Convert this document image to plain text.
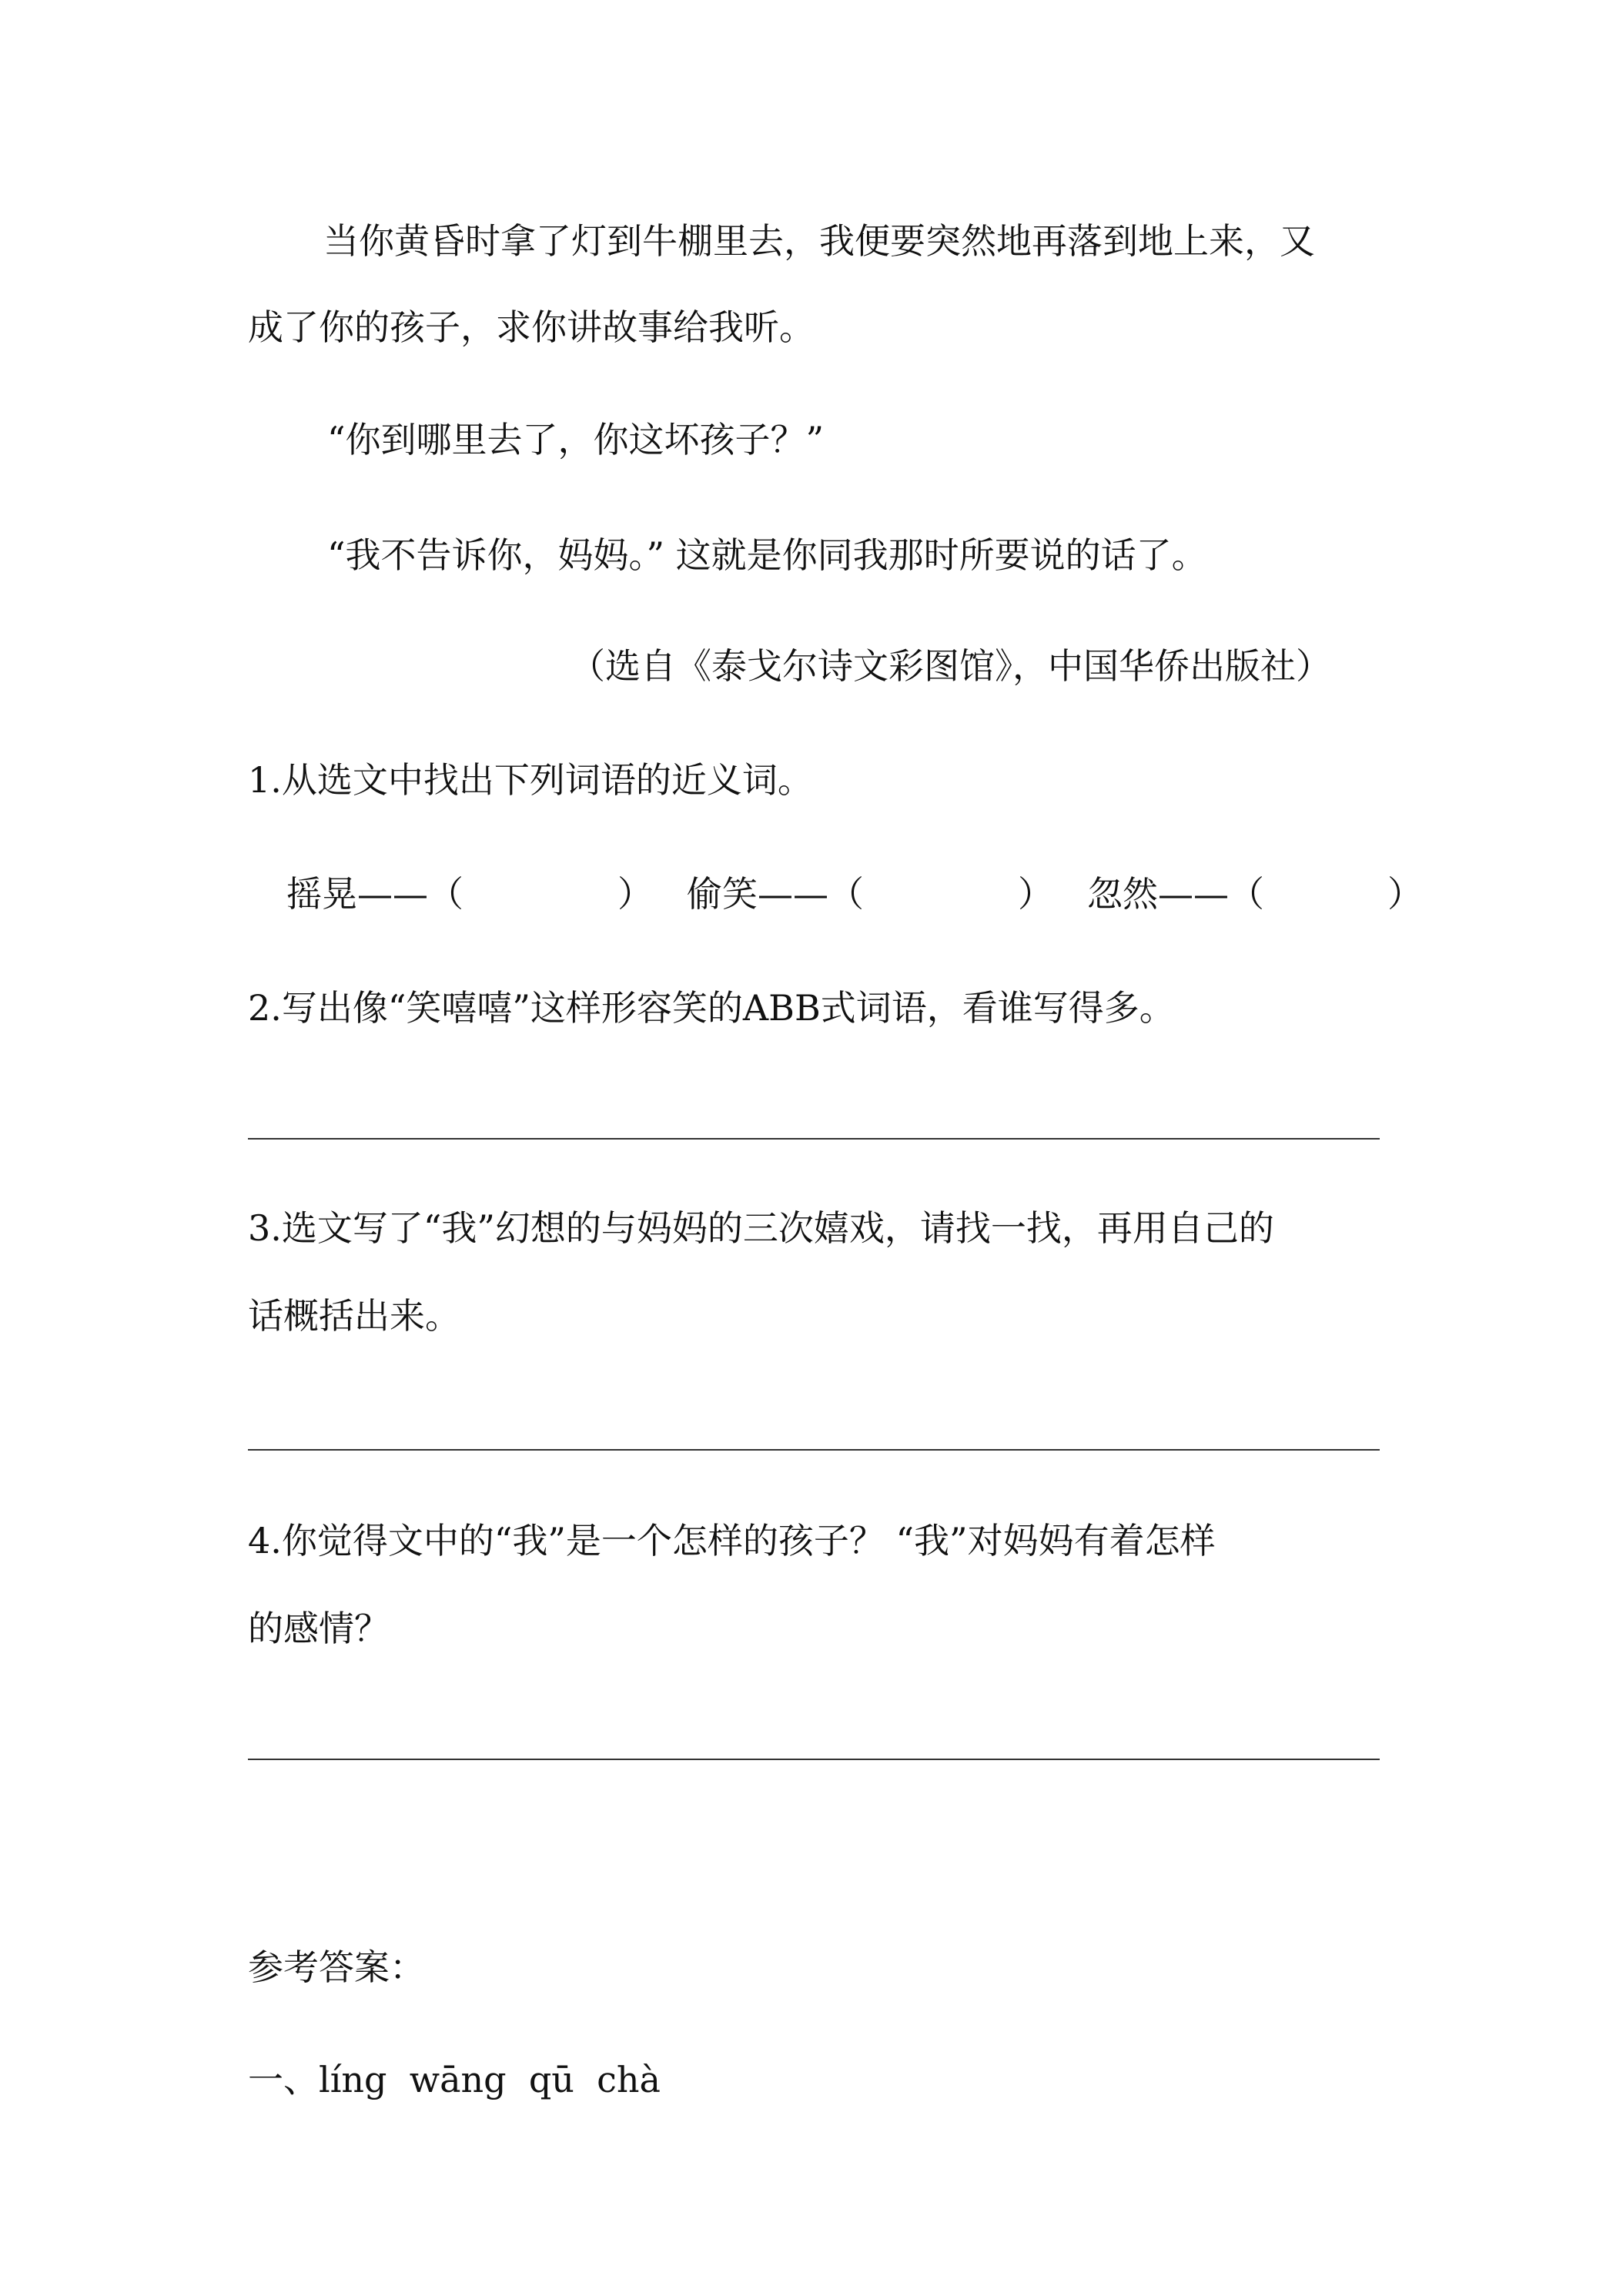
当你黄昏时拿了灯到牛棚里去，我便要突然地再落到地上来，又
成了你的孩子，求你讲故事给我听。
“你到哪里去了，你这坏孩子？”
“我不告诉你，妈妈。” 这就是你同我那时所要说的话了。
（选自《泰戈尔诗文彩图馆》，中国华侨出版社）
1.从选文中找出下列词语的近义词。
摇晃——（	） 偷笑——（	） 忽然——（	）
2.写出像“笑嘻嘻”这样形容笑的ABB式词语，看谁写得多。
3.选文写了“我”幻想的与妈妈的三次嬉戏，请找一找，再用自己的
话概括出来。
4.你觉得文中的“我”是一个怎样的孩子？ “我”对妈妈有着怎样
的感情？
参考答案：
一、líng  wāng  qū  chà
